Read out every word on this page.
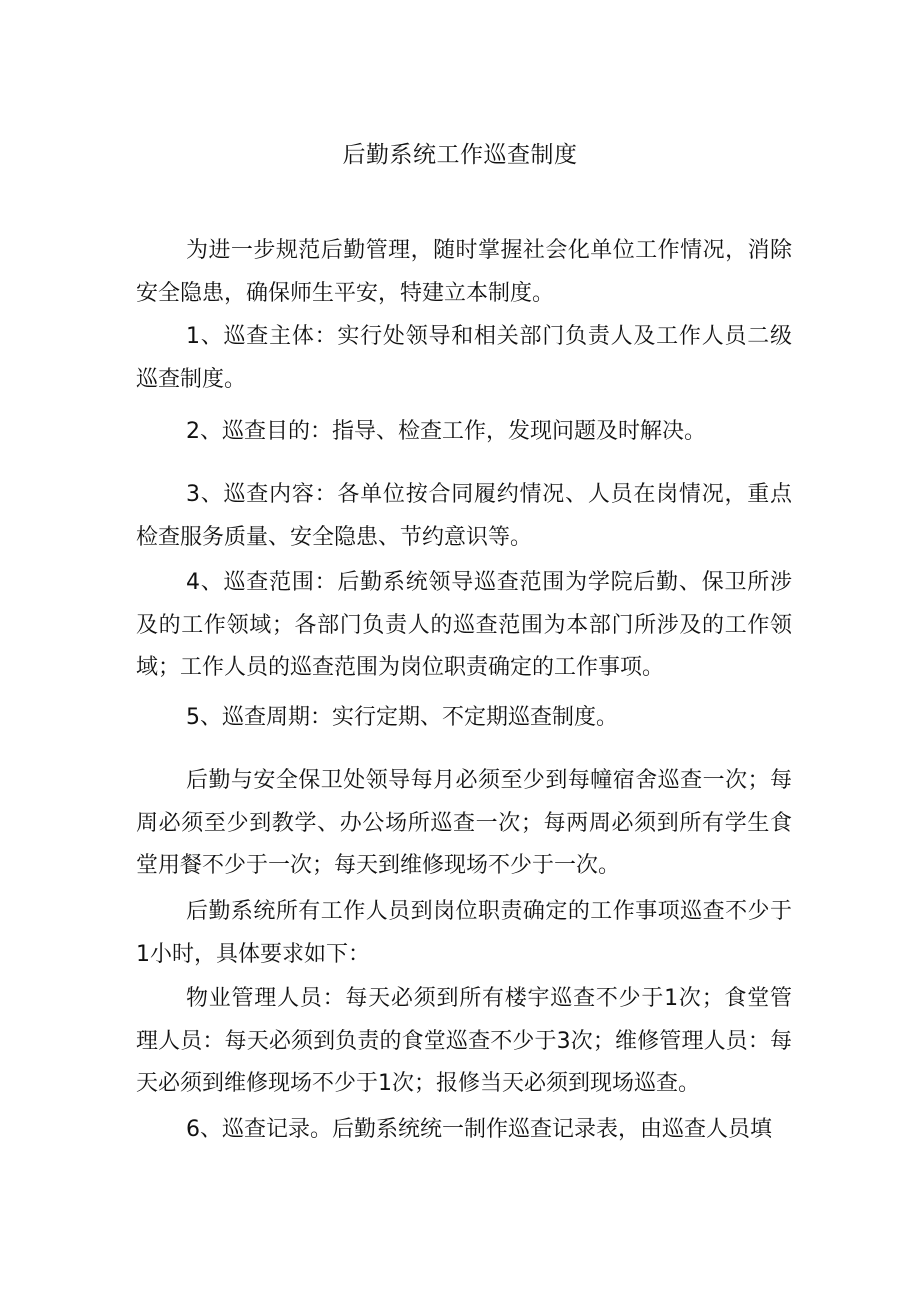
后勤系统工作巡查制度

为进一步规范后勤管理，随时掌握社会化单位工作情况，消除安全隐患，确保师生平安，特建立本制度。

1、巡查主体：实行处领导和相关部门负责人及工作人员二级巡查制度。

2、巡查目的：指导、检查工作，发现问题及时解决。

3、巡查内容：各单位按合同履约情况、人员在岗情况，重点检查服务质量、安全隐患、节约意识等。

4、巡查范围：后勤系统领导巡查范围为学院后勤、保卫所涉及的工作领域；各部门负责人的巡查范围为本部门所涉及的工作领域；工作人员的巡查范围为岗位职责确定的工作事项。

5、巡查周期：实行定期、不定期巡查制度。

后勤与安全保卫处领导每月必须至少到每幢宿舍巡查一次；每周必须至少到教学、办公场所巡查一次；每两周必须到所有学生食堂用餐不少于一次；每天到维修现场不少于一次。

后勤系统所有工作人员到岗位职责确定的工作事项巡查不少于1小时，具体要求如下：

物业管理人员：每天必须到所有楼宇巡查不少于1次；食堂管理人员：每天必须到负责的食堂巡查不少于3次；维修管理人员：每天必须到维修现场不少于1次；报修当天必须到现场巡查。

6、巡查记录。后勤系统统一制作巡查记录表，由巡查人员填
